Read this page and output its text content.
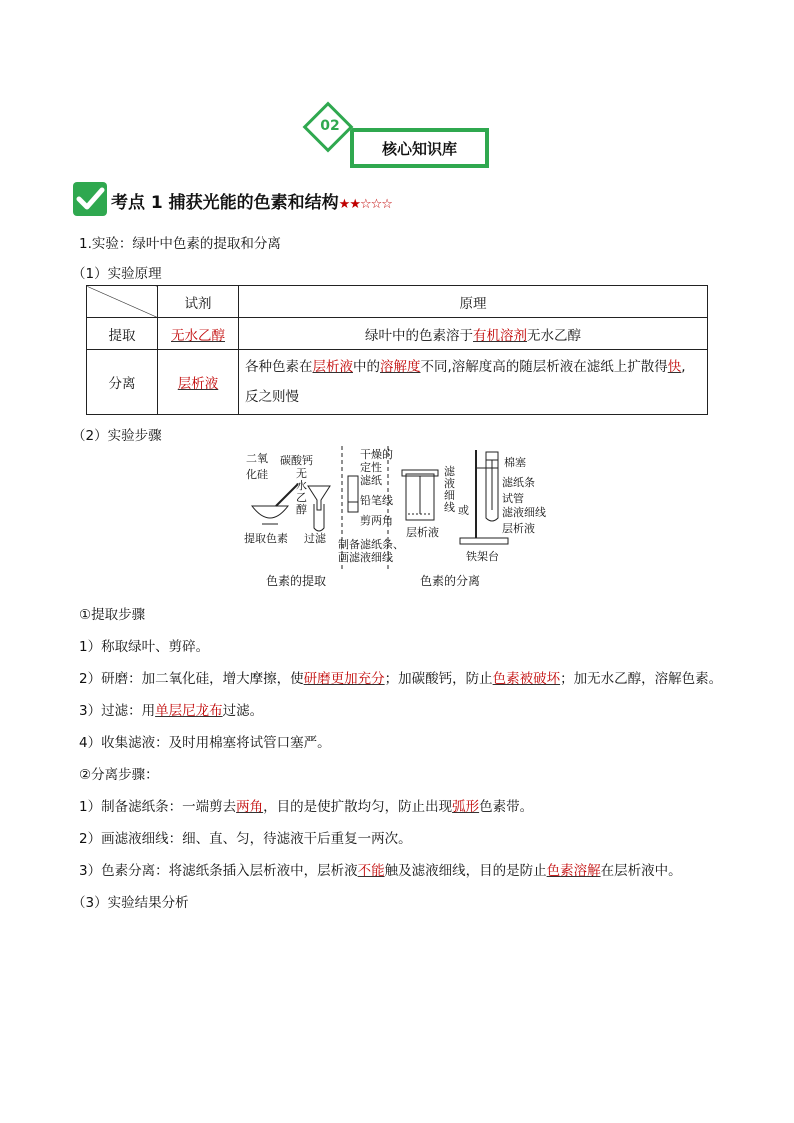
核心知识库
02
考点 1 捕获光能的色素和结构★★☆☆☆
1.实验：绿叶中色素的提取和分离
（1）实验原理
	试剂	原理
提取	无水乙醇	绿叶中的色素溶于有机溶剂无水乙醇
分离	层析液	各种色素在层析液中的溶解度不同,溶解度高的随层析液在滤纸上扩散得快,
反之则慢
（2）实验步骤
二氧
化硅
碳酸钙
无
水
乙
醇
提取色素 过滤
干燥的
定性
滤纸
铅笔线
剪两角
制备滤纸条、
画滤液细线
滤
液
细
线 或
层析液
棉塞
滤纸条
试管
滤液细线
层析液
铁架台
色素的提取	色素的分离
①提取步骤
1）称取绿叶、剪碎。
2）研磨：加二氧化硅，增大摩擦，使研磨更加充分；加碳酸钙，防止色素被破坏；加无水乙醇，溶解色素。
3）过滤：用单层尼龙布过滤。
4）收集滤液：及时用棉塞将试管口塞严。
②分离步骤：
1）制备滤纸条：一端剪去两角，目的是使扩散均匀，防止出现弧形色素带。
2）画滤液细线：细、直、匀，待滤液干后重复一两次。
3）色素分离：将滤纸条插入层析液中，层析液不能触及滤液细线，目的是防止色素溶解在层析液中。
（3）实验结果分析
